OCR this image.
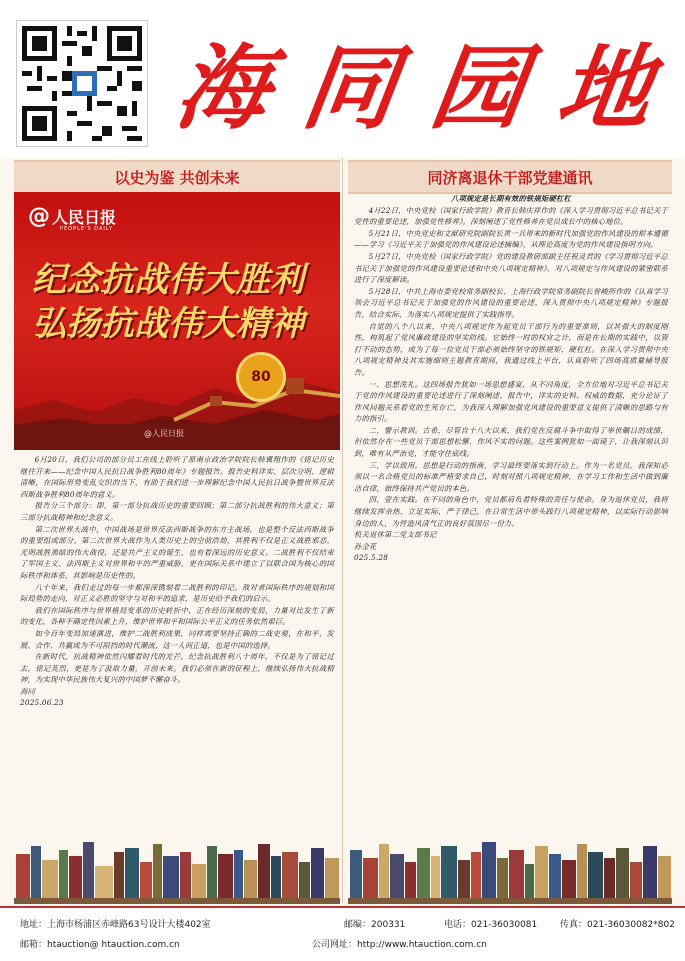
海 同 园 地
以史为鉴 共创未来	同济离退休干部党建通讯
@ 人民日报
PEOPLE'S DAILY
纪念抗战伟大胜利
弘扬抗战伟大精神
80
@人民日报

6月20日，我们公司的部分员工在线上聆听了原南京政治学院院长韩冀翔作的《铭记历史 继往开来——纪念中国人民抗日战争胜利80周年》专题报告。报告史料详实、层次分明、逻辑清晰，在国际形势变乱交织的当下，有助于我们进一步理解纪念中国人民抗日战争暨世界反法西斯战争胜利80周年的意义。

报告分三个部分：即，第一部分抗战历史的重要回顾；第二部分抗战胜利的伟大意义；第三部分抗战精神和纪念意义。

第二次世界大战中，中国战场是世界反法西斯战争的东方主战场，也是整个反法西斯战争的重要组成部分。第二次世界大战作为人类历史上的空前浩劫，其胜利不仅是正义战胜邪恶、光明战胜黑暗的伟大战役，还是共产主义的诞生，也有着深远的历史意义。二战胜利不仅结束了军国主义、法西斯主义对世界和平的严重威胁，更在国际关系中建立了以联合国为核心的国际秩序和体系，其影响是历史性的。

八十年来，我们走过的每一步都深深镌刻着二战胜利的印记。敌对者国际秩序的规划和国际局势的走向，对正义必胜的坚守与对和平的追求，是历史给予我们的启示。

我们在国际秩序与世界格局变革的历史转折中，正在经历深刻的变局，力量对比发生了新的变化，各种不确定性因素上升，维护世界和平和国际公平正义的任务依然艰巨。

如今百年变局加速演进，维护二战胜利成果，同样需要坚持正确的二战史观，在和平、发展、合作、共赢成为不可阻挡的时代潮流，这一人间正道，也是中国的选择。

在新时代，抗战精神依然闪耀着时代的光芒。纪念抗战胜利八十周年，不仅是为了铭记过去，铭记英烈，更是为了汲取力量，开创未来。我们必须在新的征程上，继续弘扬伟大抗战精神，为实现中华民族伟大复兴的中国梦不懈奋斗。

海同

2025.06.23

八项规定是长期有效的铁规矩硬杠杠

4月22日，中央党校（国家行政学院）教育长韩庆祥作的《深入学习贯彻习近平总书记关于党性的重要论述，加强党性修养》，深刻阐述了党性修养在党员成长中的核心地位。

5月21日，中央党史和文献研究院副院长黄一兵带来的新时代加强党的作风建设的根本遵循——学习《习近平关于加强党的作风建设论述摘编》，从理论高度为党的作风建设指明方向。

5月27日，中央党校（国家行政学院）党的建设教研部副主任祝灵君的《学习贯彻习近平总书记关于加强党的作风建设重要论述和中央八项规定精神》，对八项规定与作风建设的紧密联系进行了深度解读。

5月28日，中共上海市委党校常务副校长、上海行政学院常务副院长曾峻所作的《认真学习领会习近平总书记关于加强党的作风建设的重要论述，深入贯彻中央八项规定精神》专题报告，结合实际，为落实八项规定提供了实践指导。

自觉的八个八以来，中央八项规定作为起党员干部行为的重要准则，以其强大的制度刚性，构筑起了党风廉政建设的坚实防线。它始终一时的权宜之计，而是在长期的实践中，以管打不动的态势，成为了每一位党员干部必须始终坚守的铁规矩、硬杠杠。在深入学习贯彻中央八项规定精神及其实施细则主题教育期间，我通过线上平台，认真聆听了四场高质量辅导报告。

一、思想洗礼。这四场报告犹如一场思想盛宴，从不同角度，全方位地对习近平总书记关于党的作风建设的重要论述进行了深刻阐述，报告中，详实的史料、权威的数据，充分论证了作风问题关系着党的生死存亡，为我深入理解加强党风建设的重要意义提供了清晰的思路与有力的指引。

二、警示教训。古希，尽管自十八大以来，我们党在反腐斗争中取得了举世瞩目的成绩，但依然存在一些党员干部思想松懈、作风不实的问题。这些案例犹如一面镜子，让我深刻认识到，唯有从严治党，才能守住底线。

三、学以致用。思想是行动的指南，学习最终要落实到行动上。作为一名党员，我深知必须以一名合格党员的标准严格要求自己，时刻对照八项规定精神，在学习工作和生活中做到廉洁自律，始终保持共产党员的本色。

四、壹在实践。在不同的角色中，党员都肩负着特殊的责任与使命。身为退休党员，我将继续发挥余热，立足实际，严于律己，在日常生活中带头践行八项规定精神，以实际行动影响身边的人，为营造风清气正的良好氛围尽一份力。

机关退休第二党支部书记

孙金花

025.5.28

地址：上海市杨浦区赤峰路63号设计大楼402室	邮编：200331	电话：021-36030081	传真：021-36030082*802
邮箱：htauction@ htauction.com.cn	公司网址：http://www.htauction.com.cn
